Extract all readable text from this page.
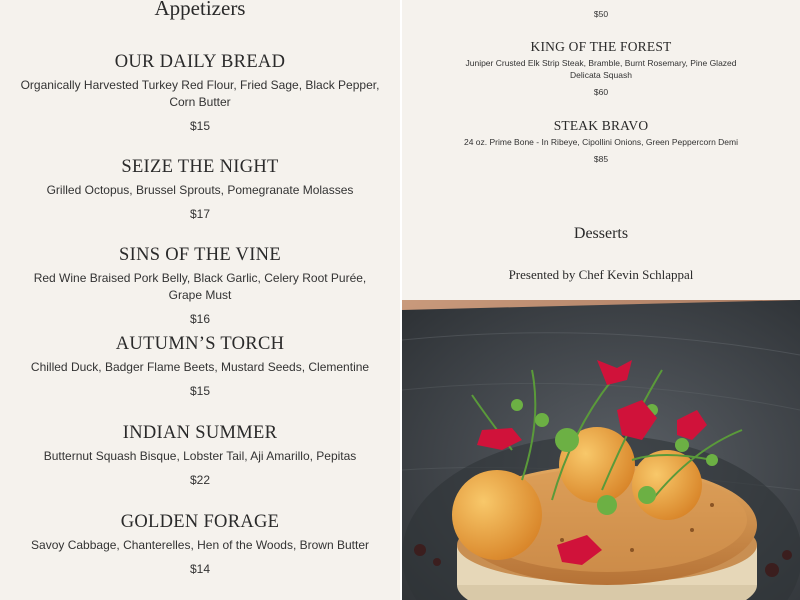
Appetizers
OUR DAILY BREAD

Organically Harvested Turkey Red Flour, Fried Sage, Black Pepper, Corn Butter

$15

SEIZE THE NIGHT

Grilled Octopus, Brussel Sprouts, Pomegranate Molasses

$17

SINS OF THE VINE

Red Wine Braised Pork Belly, Black Garlic, Celery Root Purée, Grape Must

$16

AUTUMN’S TORCH

Chilled Duck, Badger Flame Beets, Mustard Seeds, Clementine

$15

INDIAN SUMMER

Butternut Squash Bisque, Lobster Tail, Aji Amarillo, Pepitas

$22

GOLDEN FORAGE

Savoy Cabbage, Chanterelles, Hen of the Woods, Brown Butter

$14

$50
KING OF THE FOREST

Juniper Crusted Elk Strip Steak, Bramble, Burnt Rosemary, Pine Glazed Delicata Squash

$60

STEAK BRAVO

24 oz. Prime Bone - In Ribeye, Cipollini Onions, Green Peppercorn Demi

$85

Desserts

Presented by Chef Kevin Schlappal
